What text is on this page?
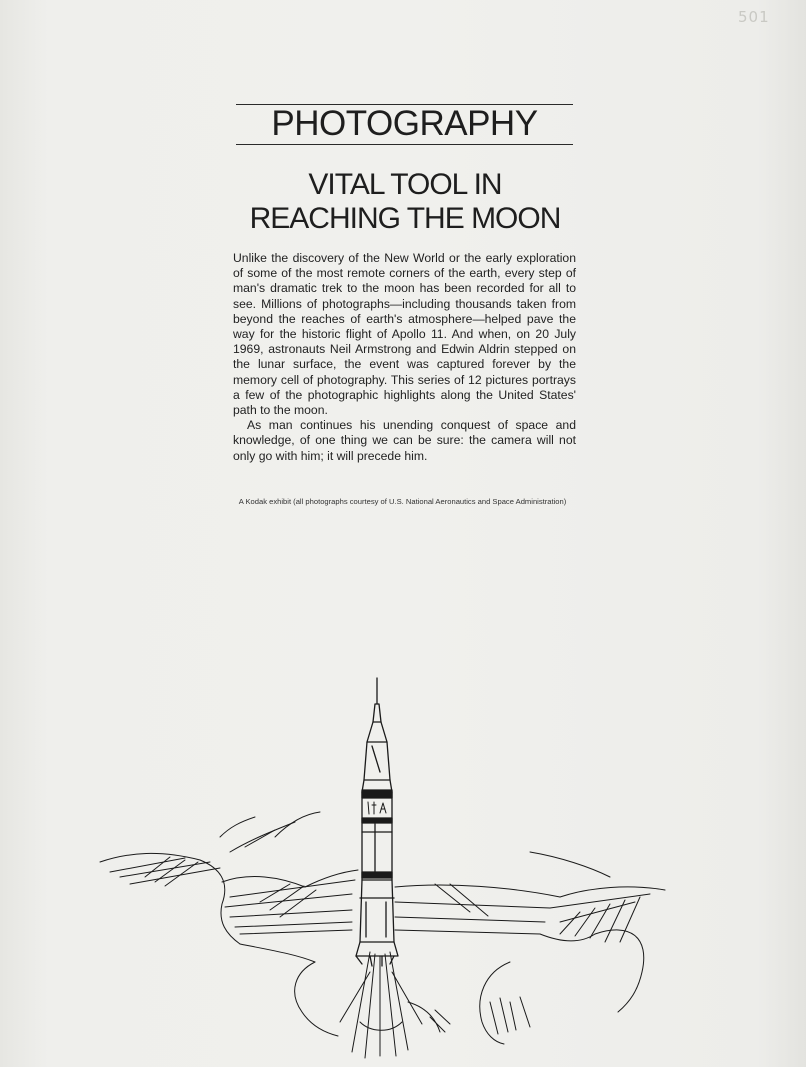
501
PHOTOGRAPHY
VITAL TOOL IN
REACHING THE MOON

Unlike the discovery of the New World or the early exploration of some of the most remote corners of the earth, every step of man's dramatic trek to the moon has been recorded for all to see. Millions of photographs—including thousands taken from beyond the reaches of earth's atmosphere—helped pave the way for the historic flight of Apollo 11. And when, on 20 July 1969, astronauts Neil Armstrong and Edwin Aldrin stepped on the lunar surface, the event was captured forever by the memory cell of photography. This series of 12 pictures portrays a few of the photographic highlights along the United States' path to the moon.

As man continues his unending conquest of space and knowledge, of one thing we can be sure: the camera will not only go with him; it will precede him.

A Kodak exhibit (all photographs courtesy of U.S. National Aeronautics and Space Administration)
